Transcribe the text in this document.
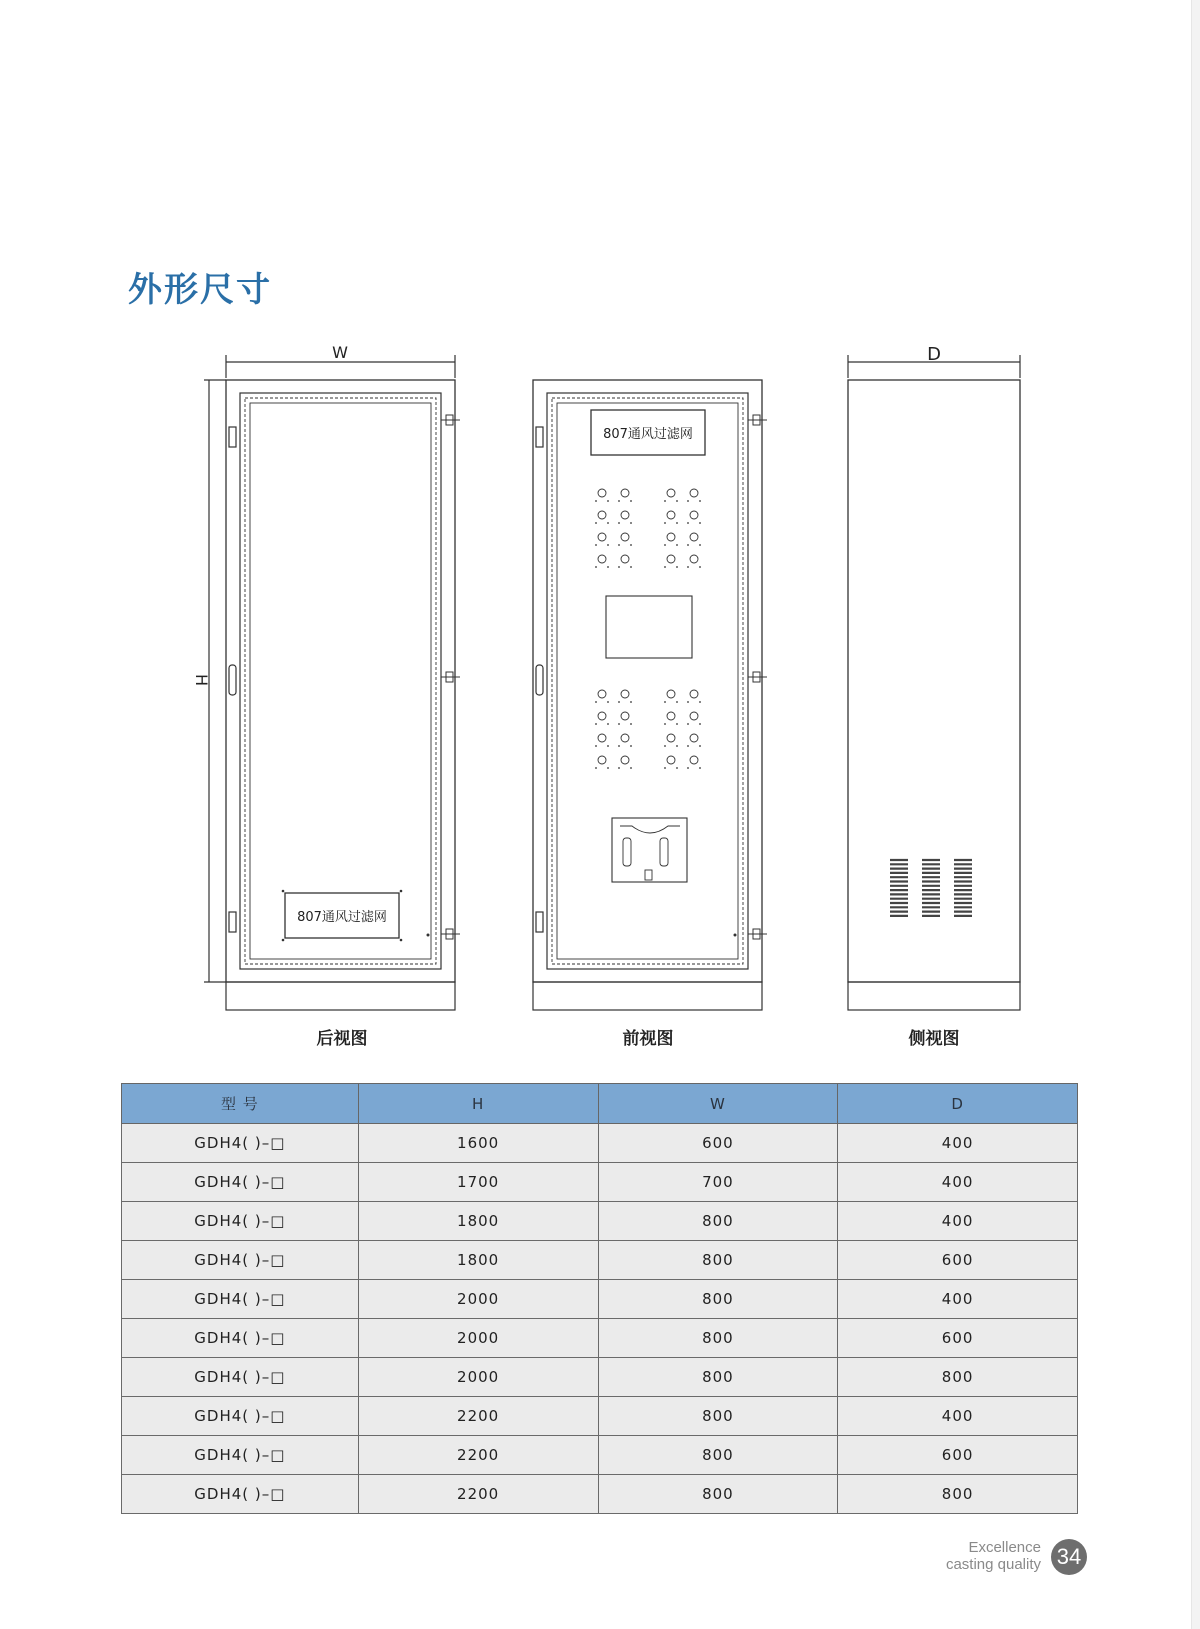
外形尺寸
W
H
807通风过滤网
807通风过滤网
D
后视图	前视图	侧视图
型 号	H	W	D
GDH4( )–□	1600	600	400
GDH4( )–□	1700	700	400
GDH4( )–□	1800	800	400
GDH4( )–□	1800	800	600
GDH4( )–□	2000	800	400
GDH4( )–□	2000	800	600
GDH4( )–□	2000	800	800
GDH4( )–□	2200	800	400
GDH4( )–□	2200	800	600
GDH4( )–□	2200	800	800
Excellence
casting quality 34
